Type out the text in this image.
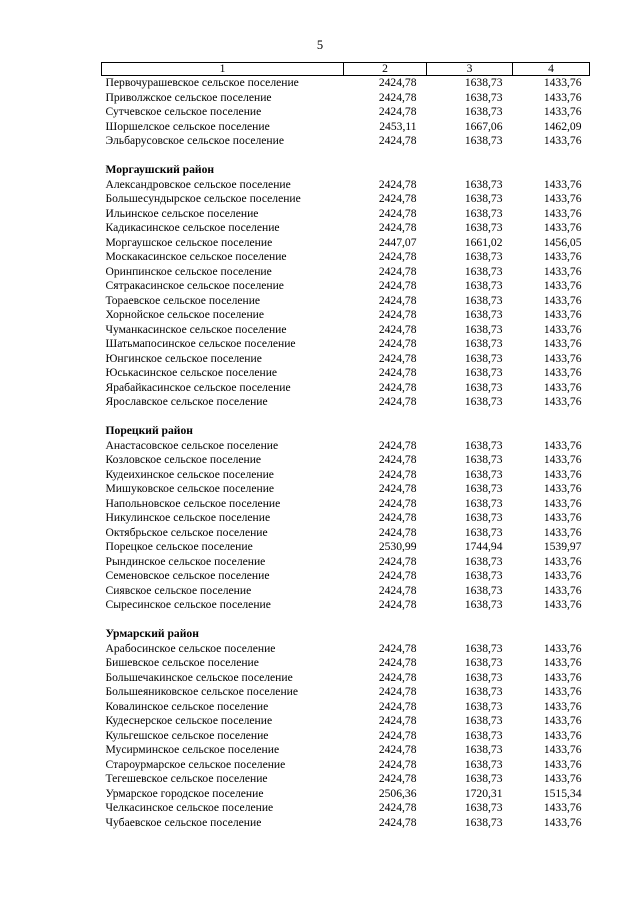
5
1	2	3	4
Первочурашевское сельское поселение	2424,78	1638,73	1433,76
Приволжское сельское поселение	2424,78	1638,73	1433,76
Сутчевское сельское поселение	2424,78	1638,73	1433,76
Шоршелское сельское поселение	2453,11	1667,06	1462,09
Эльбарусовское сельское поселение	2424,78	1638,73	1433,76

Моргаушский район			
Александровское сельское поселение	2424,78	1638,73	1433,76
Большесундырское сельское поселение	2424,78	1638,73	1433,76
Ильинское сельское поселение	2424,78	1638,73	1433,76
Кадикасинское сельское поселение	2424,78	1638,73	1433,76
Моргаушское сельское поселение	2447,07	1661,02	1456,05
Москакасинское сельское поселение	2424,78	1638,73	1433,76
Оринпинское сельское поселение	2424,78	1638,73	1433,76
Сятракасинское сельское поселение	2424,78	1638,73	1433,76
Тораевское сельское поселение	2424,78	1638,73	1433,76
Хорнойское сельское поселение	2424,78	1638,73	1433,76
Чуманкасинское сельское поселение	2424,78	1638,73	1433,76
Шатьмапосинское сельское поселение	2424,78	1638,73	1433,76
Юнгинское сельское поселение	2424,78	1638,73	1433,76
Юськасинское сельское поселение	2424,78	1638,73	1433,76
Ярабайкасинское сельское поселение	2424,78	1638,73	1433,76
Ярославское сельское поселение	2424,78	1638,73	1433,76

Порецкий район			
Анастасовское сельское поселение	2424,78	1638,73	1433,76
Козловское сельское поселение	2424,78	1638,73	1433,76
Кудеихинское сельское поселение	2424,78	1638,73	1433,76
Мишуковское сельское поселение	2424,78	1638,73	1433,76
Напольновское сельское поселение	2424,78	1638,73	1433,76
Никулинское сельское поселение	2424,78	1638,73	1433,76
Октябрьское сельское поселение	2424,78	1638,73	1433,76
Порецкое сельское поселение	2530,99	1744,94	1539,97
Рындинское сельское поселение	2424,78	1638,73	1433,76
Семеновское сельское поселение	2424,78	1638,73	1433,76
Сиявское сельское поселение	2424,78	1638,73	1433,76
Сыресинское сельское поселение	2424,78	1638,73	1433,76

Урмарский район			
Арабосинское сельское поселение	2424,78	1638,73	1433,76
Бишевское сельское поселение	2424,78	1638,73	1433,76
Большечакинское сельское поселение	2424,78	1638,73	1433,76
Большеяниковское сельское поселение	2424,78	1638,73	1433,76
Ковалинское сельское поселение	2424,78	1638,73	1433,76
Кудеснерское сельское поселение	2424,78	1638,73	1433,76
Кульгешское сельское поселение	2424,78	1638,73	1433,76
Мусирминское сельское поселение	2424,78	1638,73	1433,76
Староурмарское сельское поселение	2424,78	1638,73	1433,76
Тегешевское сельское поселение	2424,78	1638,73	1433,76
Урмарское городское поселение	2506,36	1720,31	1515,34
Челкасинское сельское поселение	2424,78	1638,73	1433,76
Чубаевское сельское поселение	2424,78	1638,73	1433,76
